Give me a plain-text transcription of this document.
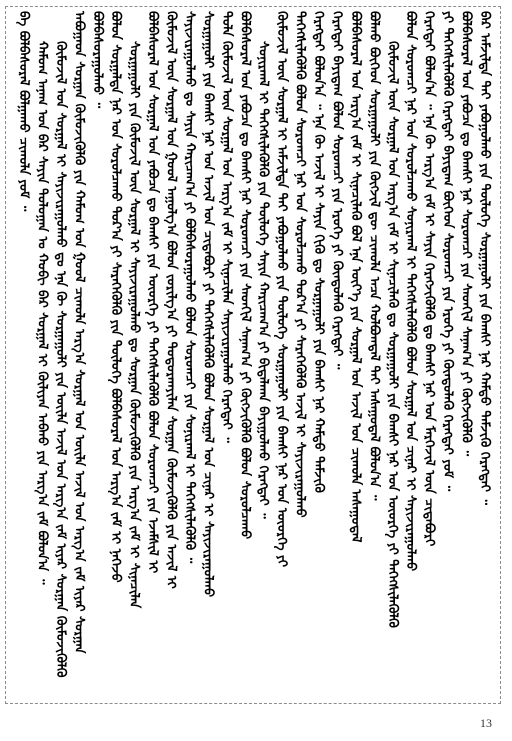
ᠪᠠ ᠪᠣᠯᠪᠠᠰᠤᠷᠠᠯ ᠪᠣᠯᠭᠠᠬᠤ ᠴᠢᠬᠤᠯᠠ ᠶᠤᠮ ᠃ ᠬᠠᠮᠤᠭ ᠠᠨᠠᠭ ᠤᠨ ᠪᠠᠷ ᠰᠠᠶᠢᠨ ᠳᠣᠯᠤᠭᠠᠨ ᠤ ᠬᠣᠪᠢ ᠪᠡᠷ ᠰᠤᠷᠭᠠᠯ ᠢ ᠬᠦᠯᠢᠶᠡᠨ ᠠᠪᠬᠤ ᠶᠢᠨ ᠠᠷᠭ᠎ᠠ ᠵᠠᠮ ᠪᠣᠯᠤᠨ᠎ᠠ ᠃ ᠬᠦᠮᠦᠵᠢᠯ ᠤᠨ ᠰᠤᠷᠭᠠᠯ ᠢ ᠰᠠᠶᠢᠵᠢᠷᠠᠭᠤᠯᠬᠤ ᠳᠤ ᠡᠨᠡ ᠬᠦ ᠰᠤᠷᠭᠠᠭᠤᠯᠢ ᠶᠢᠨ ᠦᠢᠯᠡ ᠠᠵᠢᠯ ᠤᠨ ᠠᠷᠭ᠎ᠠ ᠵᠠᠮ ᠢᠶᠠᠷ ᠰᠤᠷᠭᠠᠨ ᠬᠥᠮᠦᠵᠢᠭᠦᠯᠬᠦ ᠠᠪᠤᠭᠠᠳ ᠰᠤᠷᠭᠠᠨ ᠬᠦᠮᠦᠵᠢᠭᠦᠯᠬᠦ ᠶᠢᠨ ᠬᠠᠮᠤᠭ ᠤᠨ ᠭᠣᠣᠯ ᠴᠢᠬᠤᠯᠠ ᠠᠷᠭ᠎ᠠ ᠰᠤᠷᠭᠠᠯ ᠤᠨ ᠦᠢᠯᠡ ᠠᠵᠢᠯ ᠤᠨ ᠠᠷᠭ᠎ᠠ ᠵᠠᠮ ᠢᠶᠠᠷ ᠰᠤᠷᠭᠠᠨ ᠪᠣᠯᠪᠠᠰᠤᠷᠠᠭᠤᠯᠬᠤ ᠃ ᠪᠣᠯᠤᠨ ᠰᠤᠷᠭᠠᠯᠲᠠ ᠨᠠᠷ ᠤᠨ ᠰᠤᠷᠤᠯᠴᠠᠬᠤ ᠳᠤᠷ᠎ᠠ ᠶᠢ ᠰᠡᠷᠡᠭᠡᠭᠦᠯᠬᠦ ᠶᠢᠨ ᠲᠥᠯᠥᠭᠡ ᠪᠣᠯᠪᠠᠰᠤᠷᠠᠯ ᠤᠨ ᠠᠷᠭ᠎ᠠ ᠵᠠᠮ ᠢ ᠨᠡᠬᠡᠵᠦ ᠰᠤᠷᠭᠠᠭᠤᠯᠢ ᠶᠢᠨ ᠬᠦᠮᠦᠵᠢᠯ ᠦᠨ ᠰᠤᠷᠭᠠᠯ ᠢ ᠰᠠᠶᠢᠵᠢᠷᠠᠭᠤᠯᠬᠤ ᠳᠤ ᠰᠤᠷᠭᠠᠨ ᠬᠦᠮᠦᠵᠢᠭᠦᠯᠬᠦ ᠶᠢᠨ ᠠᠷᠭ᠎ᠠ ᠵᠠᠮ ᠢ ᠰᠢᠨᠡᠴᠢᠯᠡᠨ ᠪᠣᠯᠪᠠᠰᠤᠷᠠᠯ ᠤᠨ ᠰᠤᠷᠭᠠᠯ ᠤᠨ ᠶᠠᠪᠤᠴᠠ ᠳᠤ ᠪᠠᠭᠰᠢ ᠶᠢᠨ ᠦᠦᠷᠭᠡ ᠶᠢ ᠳᠡᠭᠡᠭᠰᠢᠯᠡᠭᠦᠯᠬᠦ ᠪᠣᠯᠤᠨ ᠰᠤᠷᠤᠭᠴᠢ ᠶᠢᠨ ᠡᠵᠡᠮᠰᠢᠯ ᠢ ᠬᠦᠮᠦᠵᠢᠯ ᠦᠨ ᠰᠤᠷᠭᠠᠯ ᠤᠨ ᠭᠣᠣᠯ ᠠᠭᠤᠯᠭ᠎ᠠ ᠪᠣᠯᠤᠨ ᠵᠣᠷᠢᠯᠭ᠎ᠠ ᠶᠢ ᠲᠣᠳᠤᠷᠬᠠᠶᠢᠯᠠᠨ ᠰᠤᠷᠭᠠᠨ ᠬᠦᠮᠦᠵᠢᠭᠦᠯᠬᠦ ᠶᠢᠨ ᠠᠵᠢᠯ ᠢ ᠰᠠᠶᠢᠵᠢᠷᠠᠭᠤᠯᠬᠤ ᠳᠤ ᠰᠠᠶᠢᠨ ᠬᠠᠷᠢᠴᠠᠭ᠎ᠠ ᠶᠢ ᠪᠣᠯᠪᠠᠰᠤᠷᠠᠭᠤᠯᠬᠤ ᠪᠣᠯᠤᠨ ᠰᠤᠷᠤᠭᠴᠢ ᠶᠢᠨ ᠰᠣᠨᠢᠷᠬᠠᠯ ᠢ ᠳᠡᠭᠡᠭᠰᠢᠯᠡᠭᠦᠯᠬᠦ ᠃ ᠰᠤᠷᠭᠠᠭᠤᠯᠢ ᠶᠢᠨ ᠪᠠᠭᠰᠢ ᠨᠠᠷ ᠤᠨ ᠠᠵᠢᠯ ᠤᠨ ᠴᠢᠳᠠᠪᠤᠷᠢ ᠶᠢ ᠳᠡᠭᠡᠭᠰᠢᠯᠡᠭᠦᠯᠬᠦ ᠪᠣᠯᠤᠨ ᠰᠤᠷᠭᠠᠯ ᠤᠨ ᠴᠢᠨᠠᠷ ᠢ ᠰᠠᠶᠢᠵᠢᠷᠠᠭᠤᠯᠬᠤ ᠲᠤᠯᠠ ᠬᠦᠮᠦᠵᠢᠯ ᠦᠨ ᠰᠤᠷᠭᠠᠯ ᠤᠨ ᠠᠷᠭ᠎ᠠ ᠵᠠᠮ ᠢ ᠰᠢᠨᠡᠴᠢᠯᠡᠨ ᠰᠠᠶᠢᠵᠢᠷᠠᠭᠤᠯᠬᠤ ᠬᠡᠷᠡᠭᠲᠡᠢ ᠃ ᠪᠣᠯᠪᠠᠰᠤᠷᠠᠯ ᠤᠨ ᠶᠠᠪᠤᠴᠠ ᠳᠤ ᠪᠠᠭᠰᠢ ᠨᠠᠷ ᠰᠤᠷᠤᠭᠴᠢ ᠶᠢᠨ ᠰᠡᠳᠬᠢᠯ ᠰᠠᠨᠠᠭ᠎ᠠ ᠶᠢ ᠬᠥᠭᠵᠢᠭᠦᠯᠬᠦ ᠪᠣᠯᠤᠨ ᠰᠤᠷᠤᠯᠴᠠᠬᠤ ᠰᠣᠨᠢᠷᠬᠠᠯ ᠢ ᠳᠡᠭᠡᠭᠰᠢᠯᠡᠭᠦᠯᠬᠦ ᠶᠢᠨ ᠲᠥᠯᠥᠭᠡ ᠰᠠᠶᠢᠨ ᠬᠠᠷᠢᠴᠠᠭ᠎ᠠ ᠶᠢ ᠪᠢᠳᠠᠯᠬᠠᠨ ᠪᠠᠶᠢᠭᠤᠯᠬᠤ ᠬᠡᠷᠡᠭᠲᠡᠢ ᠃ ᠬᠦᠮᠦᠵᠢᠯ ᠦᠨ ᠰᠤᠷᠭᠠᠯ ᠢ ᠠᠮᠵᠢᠯᠲᠠ ᠲᠠᠶ ᠶᠠᠪᠤᠭᠤᠯᠬᠤ ᠶᠢᠨ ᠲᠥᠯᠥᠭᠡ ᠰᠤᠷᠭᠠᠭᠤᠯᠢ ᠶᠢᠨ ᠪᠠᠭᠰᠢ ᠨᠠᠷ ᠤᠨ ᠦᠦᠷᠭᠡ ᠶᠢ ᠳᠡᠭᠡᠭᠰᠢᠯᠡᠭᠦᠯᠬᠦ ᠪᠣᠯᠤᠨ ᠰᠤᠷᠤᠭᠴᠢ ᠨᠠᠷ ᠤᠨ ᠰᠤᠷᠤᠯᠴᠠᠬᠤ ᠳᠤᠷ᠎ᠠ ᠶᠢ ᠰᠡᠷᠡᠭᠡᠭᠦᠯᠬᠦ ᠠᠵᠢᠯ ᠢ ᠰᠠᠶᠢᠵᠢᠷᠠᠭᠤᠯᠬᠤ ᠬᠡᠷᠡᠭᠲᠡᠢ ᠪᠣᠯᠤᠨ᠎ᠠ ᠃ ᠡᠨᠡ ᠬᠦ ᠠᠵᠢᠯ ᠢ ᠰᠠᠶᠢᠨ ᠬᠢᠬᠦ ᠳᠤ ᠰᠤᠷᠭᠠᠭᠤᠯᠢ ᠶᠢᠨ ᠪᠠᠭᠰᠢ ᠨᠠᠷ ᠬᠠᠮᠲᠤ ᠳᠡᠮᠵᠢᠬᠦ ᠬᠡᠷᠡᠭᠲᠡᠢ ᠪᠠᠶᠢᠳᠠᠭ ᠪᠣᠯᠤᠨ ᠰᠤᠷᠤᠭᠴᠢ ᠶᠢᠨ ᠡᠷᠦᠬᠡ ᠶᠢ ᠬᠦᠨᠳᠦᠯᠡᠬᠦ ᠬᠡᠷᠡᠭᠲᠡᠢ ᠃ ᠪᠣᠯᠪᠠᠰᠤᠷᠠᠯ ᠤᠨ ᠠᠷᠭ᠎ᠠ ᠵᠠᠮ ᠢ ᠰᠢᠨᠡᠴᠢᠯᠡᠬᠦ ᠪᠣᠯ ᠡᠨᠡ ᠦᠶ᠎ᠡ ᠶᠢᠨ ᠰᠤᠷᠭᠠᠯ ᠤᠨ ᠠᠵᠢᠯ ᠤᠨ ᠴᠢᠬᠤᠯᠠ ᠠᠰᠠᠭᠤᠳᠠᠯ ᠪᠣᠯᠬᠤ ᠪᠥᠭᠡᠳ ᠰᠤᠷᠭᠠᠭᠤᠯᠢ ᠶᠢᠨ ᠬᠥᠭᠵᠢᠯ ᠳᠦ ᠴᠢᠬᠤᠯᠠ ᠠᠴᠠ ᠬᠣᠯᠪᠣᠭᠳᠠᠯ ᠲᠠᠶ ᠠᠰᠠᠭᠤᠳᠠᠯ ᠪᠣᠯᠤᠨ᠎ᠠ ᠃ ᠬᠦᠮᠦᠵᠢᠯ ᠦᠨ ᠰᠤᠷᠭᠠᠯ ᠤᠨ ᠠᠷᠭ᠎ᠠ ᠵᠠᠮ ᠢ ᠰᠢᠨᠡᠴᠢᠯᠡᠬᠦ ᠳᠤ ᠰᠤᠷᠭᠠᠭᠤᠯᠢ ᠶᠢᠨ ᠪᠠᠭᠰᠢ ᠨᠠᠷ ᠤᠨ ᠦᠦᠷᠭᠡ ᠶᠢ ᠳᠡᠭᠡᠭᠰᠢᠯᠡᠭᠦᠯᠬᠦ ᠪᠣᠯᠤᠨ ᠰᠤᠷᠤᠭᠴᠢ ᠨᠠᠷ ᠤᠨ ᠰᠤᠷᠤᠯᠴᠠᠬᠤ ᠰᠣᠨᠢᠷᠬᠠᠯ ᠢ ᠳᠡᠭᠡᠭᠰᠢᠯᠡᠭᠦᠯᠬᠦ ᠪᠣᠯᠤᠨ ᠰᠤᠷᠭᠠᠯ ᠤᠨ ᠴᠢᠨᠠᠷ ᠢ ᠰᠠᠶᠢᠵᠢᠷᠠᠭᠤᠯᠬᠤ ᠬᠡᠷᠡᠭᠲᠡᠢ ᠪᠣᠯᠤᠨ᠎ᠠ ᠃ ᠡᠨᠡ ᠬᠦ ᠠᠷᠭ᠎ᠠ ᠵᠠᠮ ᠢ ᠰᠠᠶᠢᠨ ᠬᠡᠷᠡᠭᠵᠢᠭᠦᠯᠬᠦ ᠳᠤ ᠪᠠᠭᠰᠢ ᠨᠠᠷ ᠤᠨ ᠮᠡᠷᠭᠡᠵᠢᠯ ᠦᠨ ᠴᠢᠳᠠᠪᠤᠷᠢ ᠶᠢ ᠳᠡᠭᠡᠭᠰᠢᠯᠡᠭᠦᠯᠬᠦ ᠬᠡᠷᠡᠭᠲᠡᠢ ᠪᠠᠶᠢᠳᠠᠭ ᠪᠥᠭᠡᠳ ᠰᠤᠷᠤᠭᠴᠢ ᠶᠢᠨ ᠡᠷᠦᠬᠡ ᠶᠢ ᠬᠦᠨᠳᠦᠯᠡᠬᠦ ᠬᠡᠷᠡᠭᠲᠡᠢ ᠶᠤᠮ ᠃ ᠪᠣᠯᠪᠠᠰᠤᠷᠠᠯ ᠤᠨ ᠶᠠᠪᠤᠴᠠ ᠳᠤ ᠪᠠᠭᠰᠢ ᠨᠠᠷ ᠰᠤᠷᠤᠭᠴᠢ ᠶᠢᠨ ᠰᠡᠳᠬᠢᠯ ᠰᠠᠨᠠᠭ᠎ᠠ ᠶᠢ ᠬᠥᠭᠵᠢᠭᠦᠯᠬᠦ ᠃ ᠪᠠᠷ ᠠᠮᠵᠢᠯᠲᠠ ᠲᠠᠶ ᠶᠠᠪᠤᠭᠤᠯᠬᠤ ᠶᠢᠨ ᠲᠥᠯᠥᠭᠡ ᠰᠤᠷᠭᠠᠭᠤᠯᠢ ᠶᠢᠨ ᠪᠠᠭᠰᠢ ᠨᠠᠷ ᠬᠠᠮᠲᠤ ᠳᠡᠮᠵᠢᠬᠦ ᠬᠡᠷᠡᠭᠲᠡᠢ ᠃
13
